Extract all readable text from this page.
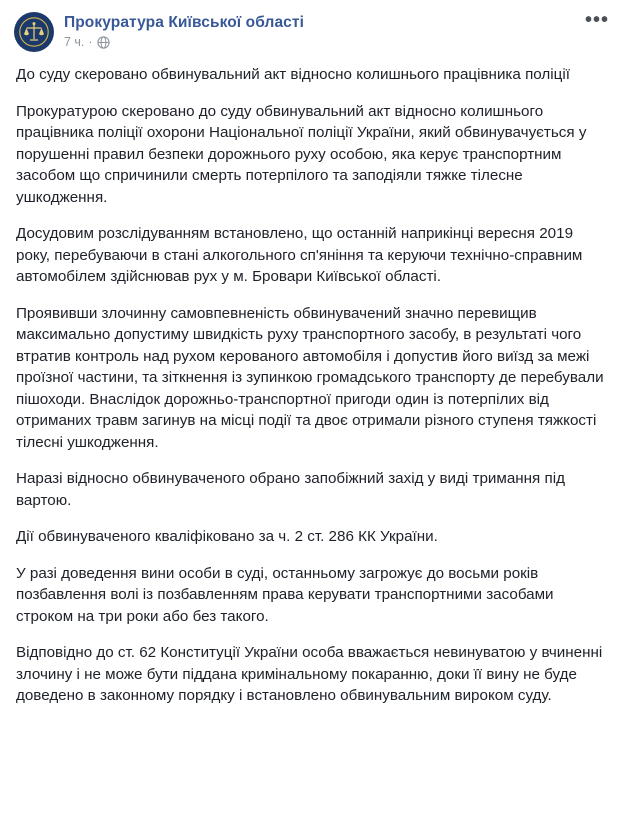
Прокуратура Київської області
7 ч. ·
•••

До суду скеровано обвинувальний акт відносно колишнього працівника поліції

Прокуратурою скеровано до суду обвинувальний акт відносно колишнього працівника поліції охорони Національної поліції України, який обвинувачується у порушенні правил безпеки дорожнього руху особою, яка керує транспортним засобом що спричинили смерть потерпілого та заподіяли тяжке тілесне ушкодження.

Досудовим розслідуванням встановлено, що останній наприкінці вересня 2019 року, перебуваючи в стані алкогольного сп'яніння та керуючи технічно-справним автомобілем здійснював рух у м. Бровари Київської області.

Проявивши злочинну самовпевненість обвинувачений значно перевищив максимально допустиму швидкість руху транспортного засобу, в результаті чого втратив контроль над рухом керованого автомобіля і допустив його виїзд за межі проїзної частини, та зіткнення із зупинкою громадського транспорту де перебували пішоходи. Внаслідок дорожньо-транспортної пригоди один із потерпілих від отриманих травм загинув на місці події та двоє отримали різного ступеня тяжкості тілесні ушкодження.

Наразі відносно обвинуваченого обрано запобіжний захід у виді тримання під вартою.

Дії обвинуваченого кваліфіковано за ч. 2 ст. 286 КК України.

У разі доведення вини особи в суді, останньому загрожує до восьми років позбавлення волі із позбавленням права керувати транспортними засобами строком на три роки або без такого.

Відповідно до ст. 62 Конституції України особа вважається невинуватою у вчиненні злочину і не може бути піддана кримінальному покаранню, доки її вину не буде доведено в законному порядку і встановлено обвинувальним вироком суду.
